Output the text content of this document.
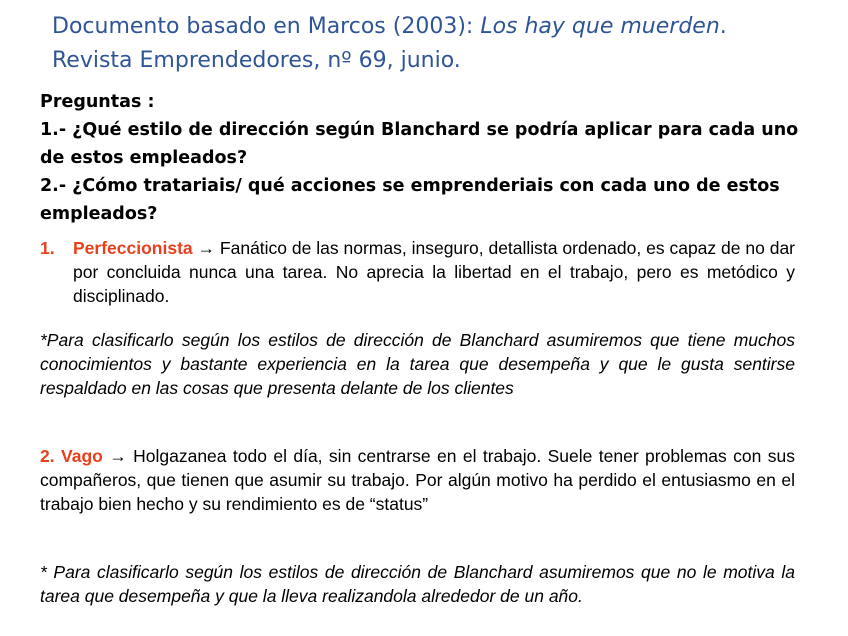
Documento basado en Marcos (2003): Los hay que muerden.

Revista Emprendedores, nº 69, junio.

Preguntas :

1.- ¿Qué estilo de dirección según Blanchard se podría aplicar para cada uno de estos empleados?

2.- ¿Cómo tratariais/ qué acciones se emprenderiais con cada uno de estos empleados?

1. Perfeccionista → Fanático de las normas, inseguro, detallista ordenado, es capaz de no dar por concluida nunca una tarea. No aprecia la libertad en el trabajo, pero es metódico y disciplinado.
*Para clasificarlo según los estilos de dirección de Blanchard asumiremos que tiene muchos conocimientos y bastante experiencia en la tarea que desempeña y que le gusta sentirse respaldado en las cosas que presenta delante de los clientes
2. Vago → Holgazanea todo el día, sin centrarse en el trabajo. Suele tener problemas con sus compañeros, que tienen que asumir su trabajo. Por algún motivo ha perdido el entusiasmo en el trabajo bien hecho y su rendimiento es de “status”
* Para clasificarlo según los estilos de dirección de Blanchard asumiremos que no le motiva la tarea que desempeña y que la lleva realizandola alrededor de un año.
